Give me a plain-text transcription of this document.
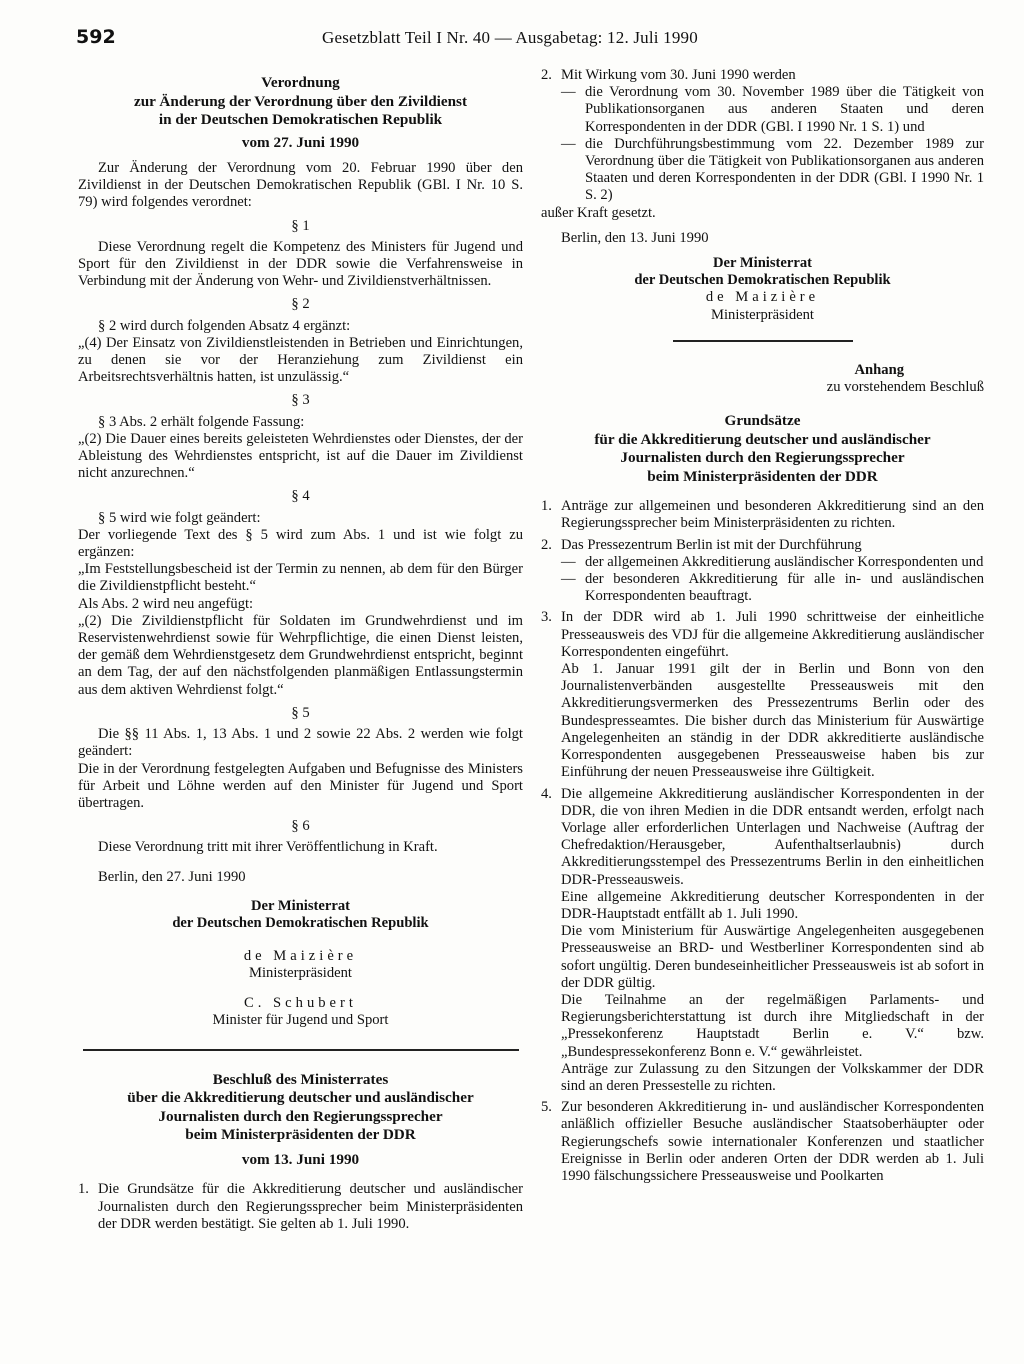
592	Gesetzblatt Teil I Nr. 40 — Ausgabetag: 12. Juli 1990
Verordnung
zur Änderung der Verordnung über den Zivildienst
in der Deutschen Demokratischen Republik
vom 27. Juni 1990

Zur Änderung der Verordnung vom 20. Februar 1990 über den Zivildienst in der Deutschen Demokratischen Republik (GBl. I Nr. 10 S. 79) wird folgendes verordnet:

§ 1

Diese Verordnung regelt die Kompetenz des Ministers für Jugend und Sport für den Zivildienst in der DDR sowie die Verfahrensweise in Verbindung mit der Änderung von Wehr- und Zivildienstverhältnissen.

§ 2

§ 2 wird durch folgenden Absatz 4 ergänzt:

„(4) Der Einsatz von Zivildienstleistenden in Betrieben und Einrichtungen, zu denen sie vor der Heranziehung zum Zivildienst ein Arbeitsrechtsverhältnis hatten, ist unzulässig.“

§ 3

§ 3 Abs. 2 erhält folgende Fassung:

„(2) Die Dauer eines bereits geleisteten Wehrdienstes oder Dienstes, der der Ableistung des Wehrdienstes entspricht, ist auf die Dauer im Zivildienst nicht anzurechnen.“

§ 4

§ 5 wird wie folgt geändert:

Der vorliegende Text des § 5 wird zum Abs. 1 und ist wie folgt zu ergänzen:

„Im Feststellungsbescheid ist der Termin zu nennen, ab dem für den Bürger die Zivildienstpflicht besteht.“

Als Abs. 2 wird neu angefügt:

„(2) Die Zivildienstpflicht für Soldaten im Grundwehrdienst und im Reservistenwehrdienst sowie für Wehrpflichtige, die einen Dienst leisten, der gemäß dem Wehrdienstgesetz dem Grundwehrdienst entspricht, beginnt an dem Tag, der auf den nächstfolgenden planmäßigen Entlassungstermin aus dem aktiven Wehrdienst folgt.“

§ 5

Die §§ 11 Abs. 1, 13 Abs. 1 und 2 sowie 22 Abs. 2 werden wie folgt geändert:

Die in der Verordnung festgelegten Aufgaben und Befugnisse des Ministers für Arbeit und Löhne werden auf den Minister für Jugend und Sport übertragen.

§ 6

Diese Verordnung tritt mit ihrer Veröffentlichung in Kraft.

Berlin, den 27. Juni 1990

Der Ministerrat
der Deutschen Demokratischen Republik
de Maizière
Ministerpräsident
C. Schubert
Minister für Jugend und Sport
Beschluß des Ministerrates
über die Akkreditierung deutscher und ausländischer
Journalisten durch den Regierungssprecher
beim Ministerpräsidenten der DDR
vom 13. Juni 1990
1. Die Grundsätze für die Akkreditierung deutscher und ausländischer Journalisten durch den Regierungssprecher beim Ministerpräsidenten der DDR werden bestätigt. Sie gelten ab 1. Juli 1990.
2. Mit Wirkung vom 30. Juni 1990 werden
— die Verordnung vom 30. November 1989 über die Tätigkeit von Publikationsorganen aus anderen Staaten und deren Korrespondenten in der DDR (GBl. I 1990 Nr. 1 S. 1) und
— die Durchführungsbestimmung vom 22. Dezember 1989 zur Verordnung über die Tätigkeit von Publikationsorganen aus anderen Staaten und deren Korrespondenten in der DDR (GBl. I 1990 Nr. 1 S. 2)

außer Kraft gesetzt.

Berlin, den 13. Juni 1990

Der Ministerrat
der Deutschen Demokratischen Republik
de Maizière
Ministerpräsident
Anhang
zu vorstehendem Beschluß
Grundsätze
für die Akkreditierung deutscher und ausländischer
Journalisten durch den Regierungssprecher
beim Ministerpräsidenten der DDR
1. Anträge zur allgemeinen und besonderen Akkreditierung sind an den Regierungssprecher beim Ministerpräsidenten zu richten.
2. Das Pressezentrum Berlin ist mit der Durchführung
— der allgemeinen Akkreditierung ausländischer Korrespondenten und
— der besonderen Akkreditierung für alle in- und ausländischen Korrespondenten beauftragt.
3. In der DDR wird ab 1. Juli 1990 schrittweise der einheitliche Presseausweis des VDJ für die allgemeine Akkreditierung ausländischer Korrespondenten eingeführt.

Ab 1. Januar 1991 gilt der in Berlin und Bonn von den Journalistenverbänden ausgestellte Presseausweis mit den Akkreditierungsvermerken des Pressezentrums Berlin oder des Bundespresseamtes. Die bisher durch das Ministerium für Auswärtige Angelegenheiten an ständig in der DDR akkreditierte ausländische Korrespondenten ausgegebenen Presseausweise haben bis zur Einführung der neuen Presseausweise ihre Gültigkeit.

4. Die allgemeine Akkreditierung ausländischer Korrespondenten in der DDR, die von ihren Medien in die DDR entsandt werden, erfolgt nach Vorlage aller erforderlichen Unterlagen und Nachweise (Auftrag der Chefredaktion/Herausgeber, Aufenthaltserlaubnis) durch Akkreditierungsstempel des Pressezentrums Berlin in den einheitlichen DDR-Presseausweis.

Eine allgemeine Akkreditierung deutscher Korrespondenten in der DDR-Hauptstadt entfällt ab 1. Juli 1990.

Die vom Ministerium für Auswärtige Angelegenheiten ausgegebenen Presseausweise an BRD- und Westberliner Korrespondenten sind ab sofort ungültig. Deren bundeseinheitlicher Presseausweis ist ab sofort in der DDR gültig.

Die Teilnahme an der regelmäßigen Parlaments- und Regierungsberichterstattung ist durch ihre Mitgliedschaft in der „Pressekonferenz Hauptstadt Berlin e. V.“ bzw. „Bundespressekonferenz Bonn e. V.“ gewährleistet.

Anträge zur Zulassung zu den Sitzungen der Volkskammer der DDR sind an deren Pressestelle zu richten.

5. Zur besonderen Akkreditierung in- und ausländischer Korrespondenten anläßlich offizieller Besuche ausländischer Staatsoberhäupter oder Regierungschefs sowie internationaler Konferenzen und staatlicher Ereignisse in Berlin oder anderen Orten der DDR werden ab 1. Juli 1990 fälschungssichere Presseausweise und Poolkarten
